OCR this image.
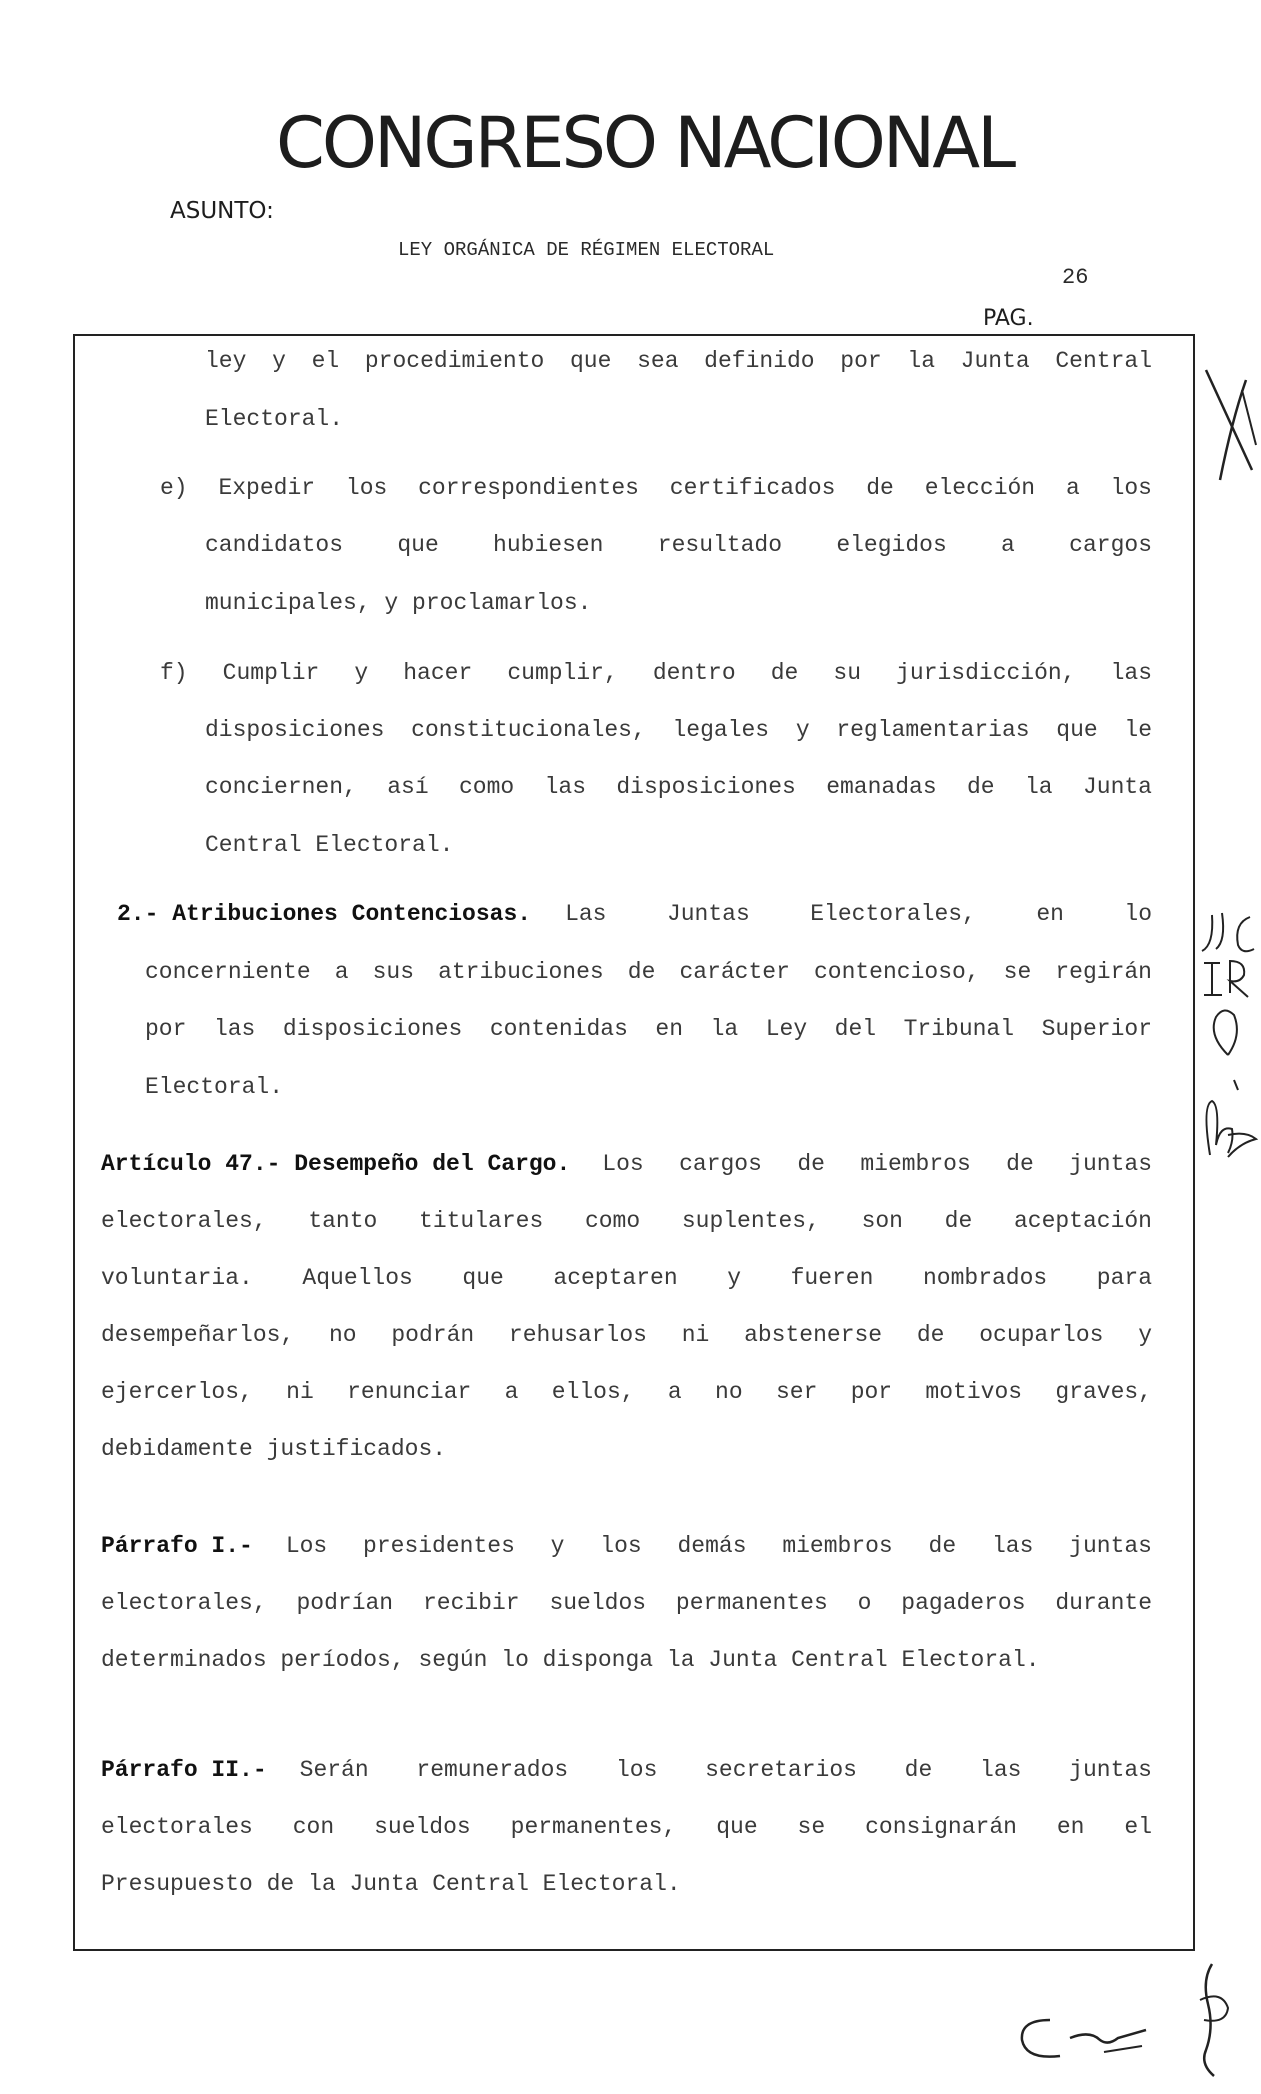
CONGRESO NACIONAL
ASUNTO:
LEY ORGÁNICA DE RÉGIMEN ELECTORAL
26
PAG.
ley y el procedimiento que sea definido por la Junta Central
Electoral.
e) Expedir los correspondientes certificados de elección a los
candidatos que hubiesen resultado elegidos a cargos
municipales, y proclamarlos.
f) Cumplir y hacer cumplir, dentro de su jurisdicción, las
disposiciones constitucionales, legales y reglamentarias que le
conciernen, así como las disposiciones emanadas de la Junta
Central Electoral.
2.- Atribuciones Contenciosas. Las Juntas Electorales, en lo
concerniente a sus atribuciones de carácter contencioso, se regirán
por las disposiciones contenidas en la Ley del Tribunal Superior
Electoral.
Artículo 47.- Desempeño del Cargo. Los cargos de miembros de juntas
electorales, tanto titulares como suplentes, son de aceptación
voluntaria. Aquellos que aceptaren y fueren nombrados para
desempeñarlos, no podrán rehusarlos ni abstenerse de ocuparlos y
ejercerlos, ni renunciar a ellos, a no ser por motivos graves,
debidamente justificados.
Párrafo I.- Los presidentes y los demás miembros de las juntas
electorales, podrían recibir sueldos permanentes o pagaderos durante
determinados períodos, según lo disponga la Junta Central Electoral.
Párrafo II.- Serán remunerados los secretarios de las juntas
electorales con sueldos permanentes, que se consignarán en el
Presupuesto de la Junta Central Electoral.
